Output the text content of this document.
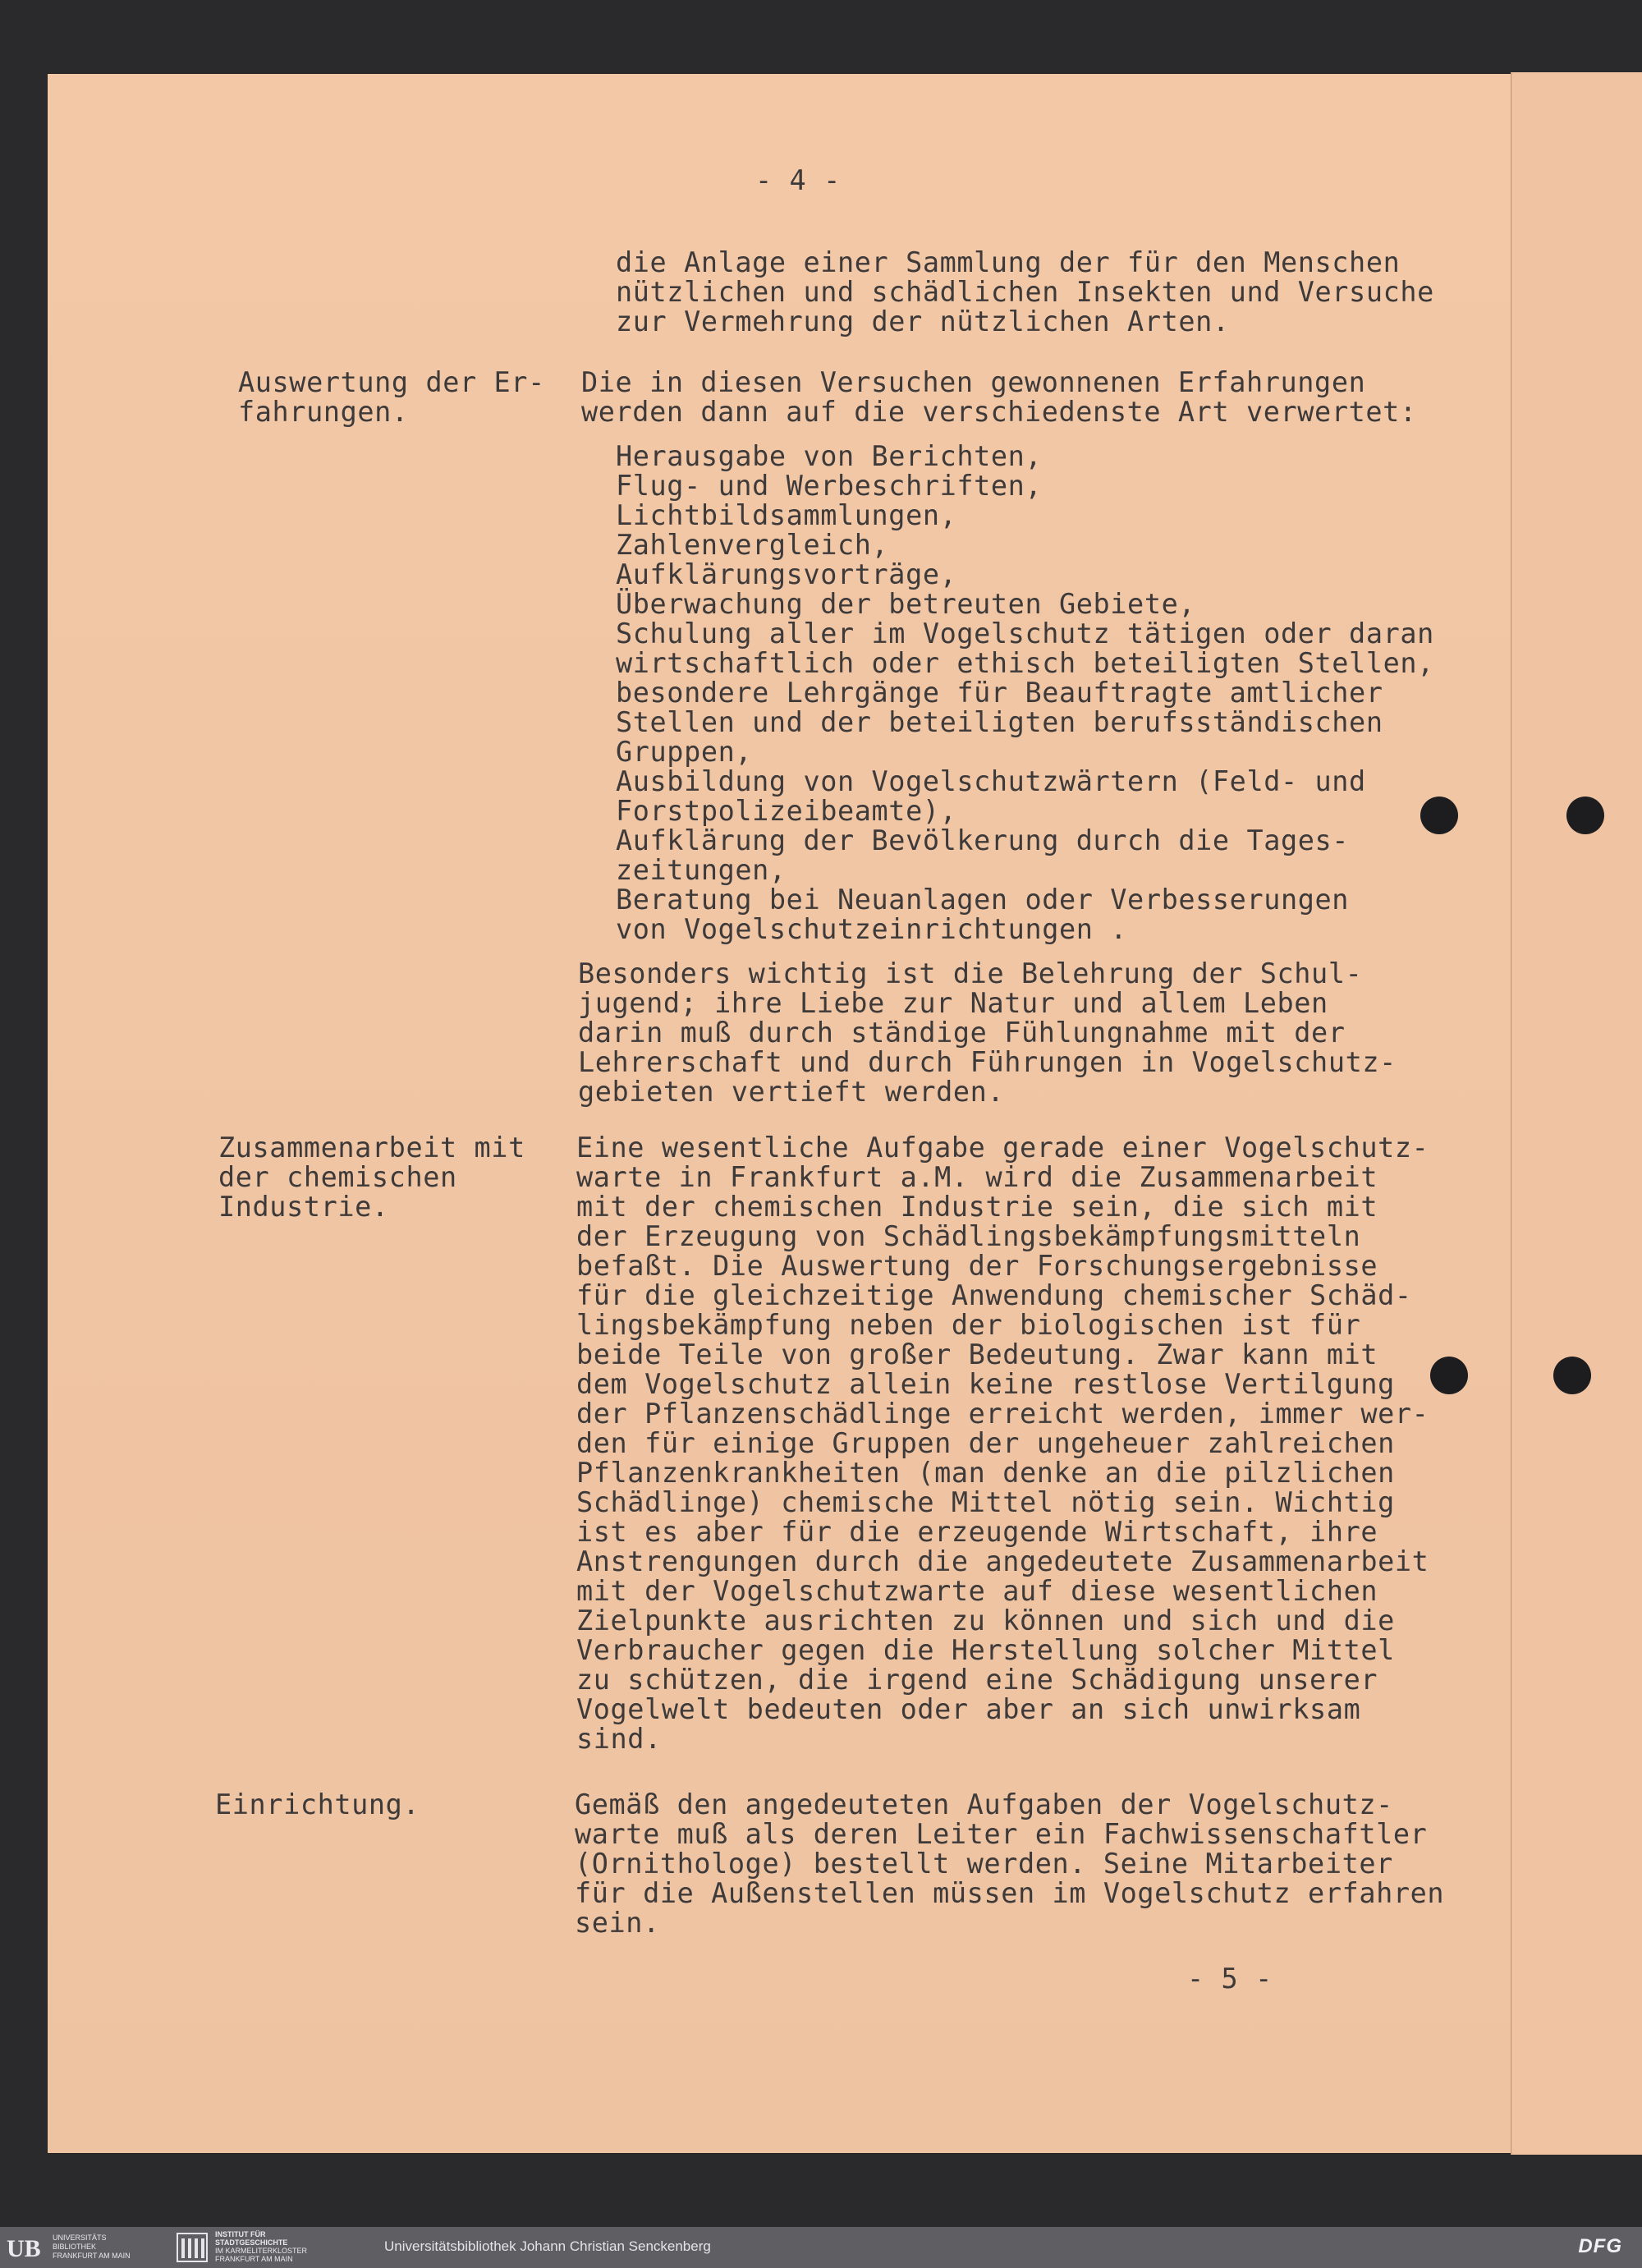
- 4 -
die Anlage einer Sammlung der für den Menschen
nützlichen und schädlichen Insekten und Versuche
zur Vermehrung der nützlichen Arten.
Auswertung der Er-
fahrungen.
Die in diesen Versuchen gewonnenen Erfahrungen
werden dann auf die verschiedenste Art verwertet:
Herausgabe von Berichten,
Flug- und Werbeschriften,
Lichtbildsammlungen,
Zahlenvergleich,
Aufklärungsvorträge,
Überwachung der betreuten Gebiete,
Schulung aller im Vogelschutz tätigen oder daran
wirtschaftlich oder ethisch beteiligten Stellen,
besondere Lehrgänge für Beauftragte amtlicher
Stellen und der beteiligten berufsständischen
Gruppen,
Ausbildung von Vogelschutzwärtern (Feld- und
Forstpolizeibeamte),
Aufklärung der Bevölkerung durch die Tages-
zeitungen,
Beratung bei Neuanlagen oder Verbesserungen
von Vogelschutzeinrichtungen .
Besonders wichtig ist die Belehrung der Schul-
jugend; ihre Liebe zur Natur und allem Leben
darin muß durch ständige Fühlungnahme mit der
Lehrerschaft und durch Führungen in Vogelschutz-
gebieten vertieft werden.
Zusammenarbeit mit
der chemischen
Industrie.
Eine wesentliche Aufgabe gerade einer Vogelschutz-
warte in Frankfurt a.M. wird die Zusammenarbeit
mit der chemischen Industrie sein, die sich mit
der Erzeugung von Schädlingsbekämpfungsmitteln
befaßt. Die Auswertung der Forschungsergebnisse
für die gleichzeitige Anwendung chemischer Schäd-
lingsbekämpfung neben der biologischen ist für
beide Teile von großer Bedeutung. Zwar kann mit
dem Vogelschutz allein keine restlose Vertilgung
der Pflanzenschädlinge erreicht werden, immer wer-
den für einige Gruppen der ungeheuer zahlreichen
Pflanzenkrankheiten (man denke an die pilzlichen
Schädlinge) chemische Mittel nötig sein. Wichtig
ist es aber für die erzeugende Wirtschaft, ihre
Anstrengungen durch die angedeutete Zusammenarbeit
mit der Vogelschutzwarte auf diese wesentlichen
Zielpunkte ausrichten zu können und sich und die
Verbraucher gegen die Herstellung solcher Mittel
zu schützen, die irgend eine Schädigung unserer
Vogelwelt bedeuten oder aber an sich unwirksam
sind.
Einrichtung.	Gemäß den angedeuteten Aufgaben der Vogelschutz-
warte muß als deren Leiter ein Fachwissenschaftler
(Ornithologe) bestellt werden. Seine Mitarbeiter
für die Außenstellen müssen im Vogelschutz erfahren
sein.
- 5 -
UB UNIVERSITÄTS
BIBLIOTHEK
FRANKFURT AM MAIN
INSTITUT FÜR
STADTGESCHICHTE
IM KARMELITERKLOSTER
FRANKFURT AM MAIN
Universitätsbibliothek Johann Christian Senckenberg	DFG
